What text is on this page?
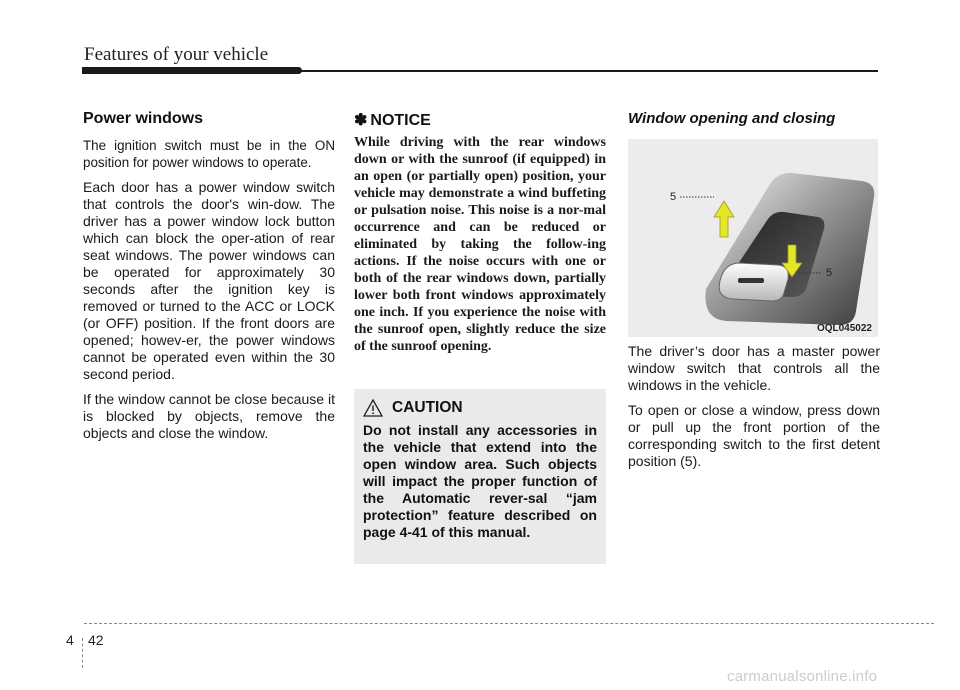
Features of your vehicle
Power windows

The ignition switch must be in the ON position for power windows to operate.

Each door has a power window switch that controls the door's win-dow. The driver has a power window lock button which can block the oper-ation of rear seat windows. The power windows can be operated for approximately 30 seconds after the ignition key is removed or turned to the ACC or LOCK (or OFF) position. If the front doors are opened; howev-er, the power windows cannot be operated even within the 30 second period.

If the window cannot be close because it is blocked by objects, remove the objects and close the window.

✽ NOTICE

While driving with the rear windows down or with the sunroof (if equipped) in an open (or partially open) position, your vehicle may demonstrate a wind buffeting or pulsation noise. This noise is a nor-mal occurrence and can be reduced or eliminated by taking the follow-ing actions. If the noise occurs with one or both of the rear windows down, partially lower both front windows approximately one inch. If you experience the noise with the sunroof open, slightly reduce the size of the sunroof opening.

CAUTION

Do not install any accessories in the vehicle that extend into the open window area. Such objects will impact the proper function of the Automatic rever-sal “jam protection” feature described on page 4-41 of this manual.

Window opening and closing
5
5
OQL045022

The driver’s door has a master power window switch that controls all the windows in the vehicle.

To open or close a window, press down or pull up the front portion of the corresponding switch to the first detent position (5).

4 42
carmanualsonline.info
